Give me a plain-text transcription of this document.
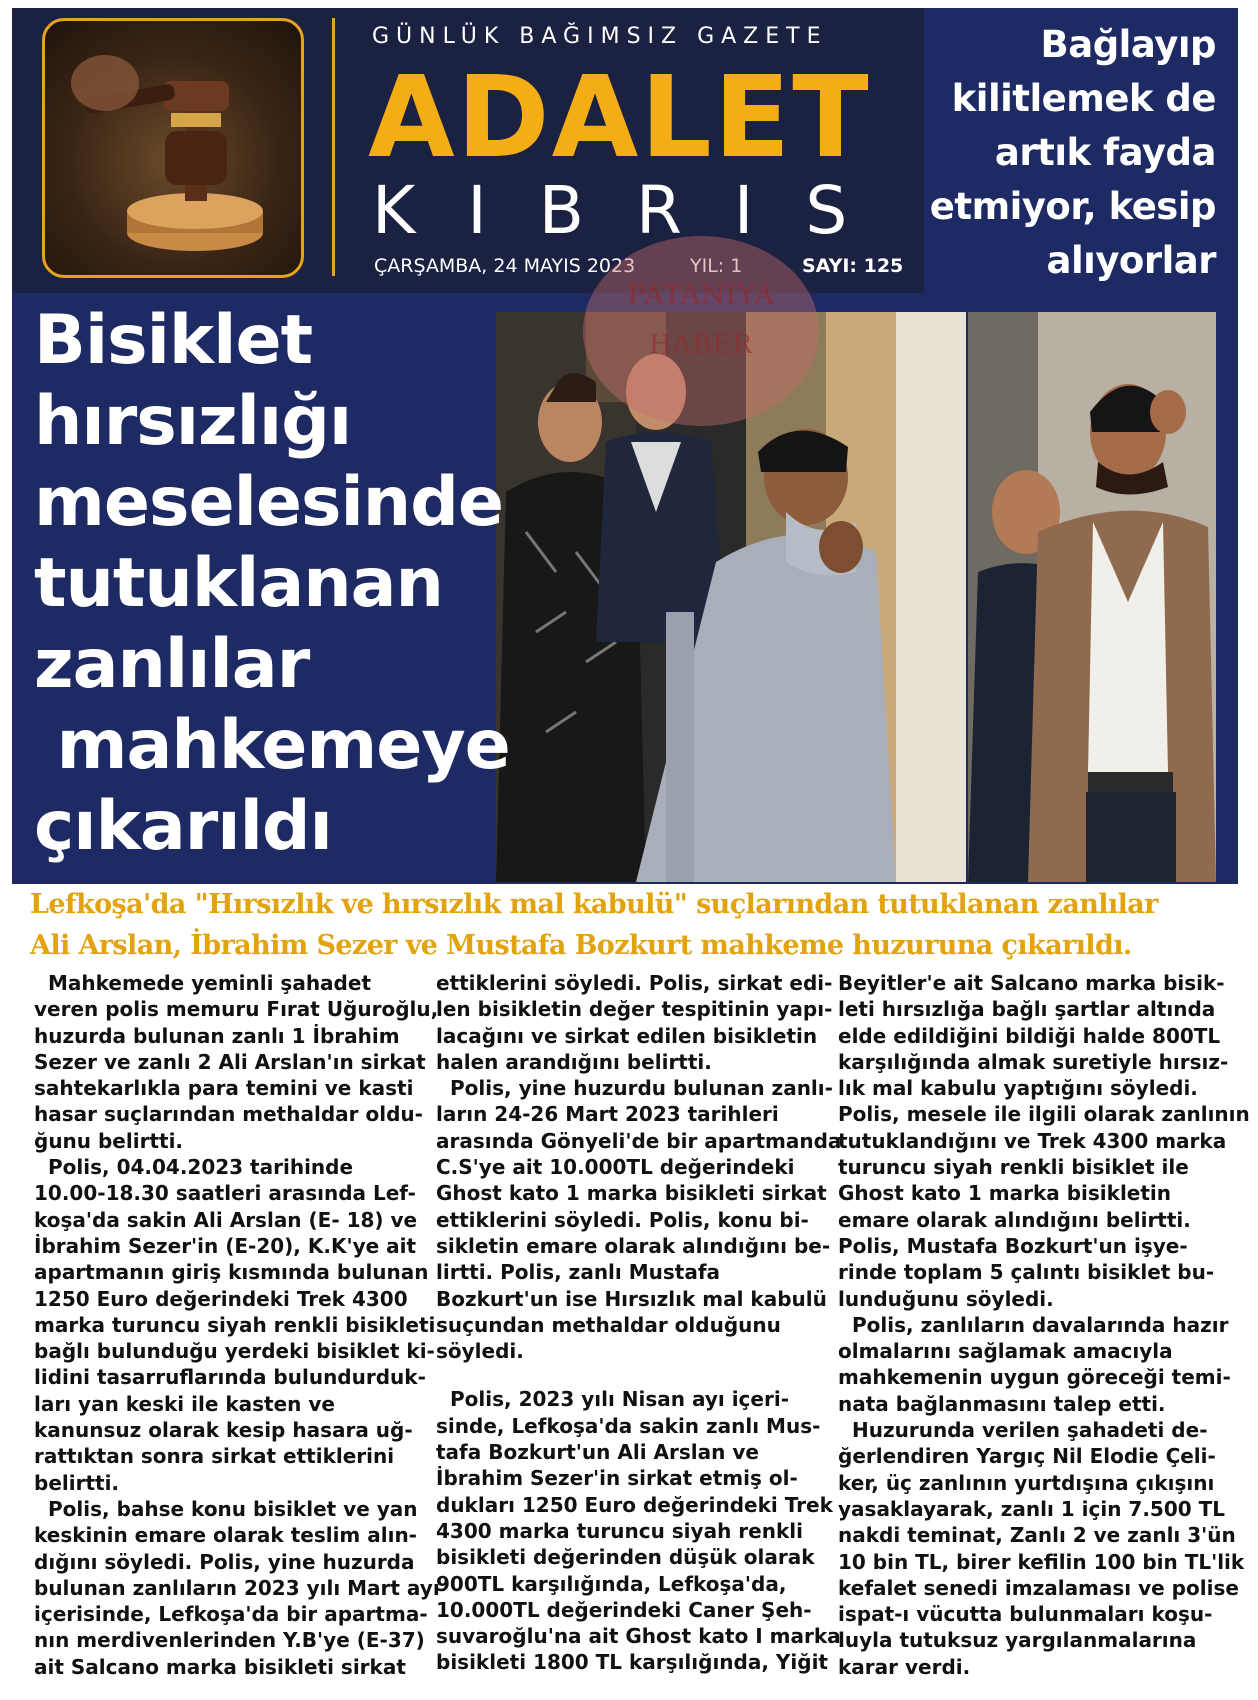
GÜNLÜK BAĞIMSIZ GAZETE
ADALET
KIBRIS
ÇARŞAMBA, 24 MAYIS 2023	YIL: 1	SAYI: 125
Bağlayıp
kilitlemek de
artık fayda
etmiyor, kesip
alıyorlar
PATANIYA
HABER
Bisiklet
hırsızlığı
meselesinde
tutuklanan
zanlılar
mahkemeye
çıkarıldı
Lefkoşa'da "Hırsızlık ve hırsızlık mal kabulü" suçlarından tutuklanan zanlılar
Ali Arslan, İbrahim Sezer ve Mustafa Bozkurt mahkeme huzuruna çıkarıldı.
Mahkemede yeminli şahadet
veren polis memuru Fırat Uğuroğlu,
huzurda bulunan zanlı 1 İbrahim
Sezer ve zanlı 2 Ali Arslan'ın sirkat
sahtekarlıkla para temini ve kasti
hasar suçlarından methaldar oldu-
ğunu belirtti.
Polis, 04.04.2023 tarihinde
10.00-18.30 saatleri arasında Lef-
koşa'da sakin Ali Arslan (E- 18) ve
İbrahim Sezer'in (E-20), K.K'ye ait
apartmanın giriş kısmında bulunan
1250 Euro değerindeki Trek 4300
marka turuncu siyah renkli bisikleti
bağlı bulunduğu yerdeki bisiklet ki-
lidini tasarruflarında bulundurduk-
ları yan keski ile kasten ve
kanunsuz olarak kesip hasara uğ-
rattıktan sonra sirkat ettiklerini
belirtti.
Polis, bahse konu bisiklet ve yan
keskinin emare olarak teslim alın-
dığını söyledi. Polis, yine huzurda
bulunan zanlıların 2023 yılı Mart ayı
içerisinde, Lefkoşa'da bir apartma-
nın merdivenlerinden Y.B'ye (E-37)
ait Salcano marka bisikleti sirkat
ettiklerini söyledi. Polis, sirkat edi-
len bisikletin değer tespitinin yapı-
lacağını ve sirkat edilen bisikletin
halen arandığını belirtti.
Polis, yine huzurdu bulunan zanlı-
ların 24-26 Mart 2023 tarihleri
arasında Gönyeli'de bir apartmanda
C.S'ye ait 10.000TL değerindeki
Ghost kato 1 marka bisikleti sirkat
ettiklerini söyledi. Polis, konu bi-
sikletin emare olarak alındığını be-
lirtti. Polis, zanlı Mustafa
Bozkurt'un ise Hırsızlık mal kabulü
suçundan methaldar olduğunu
söyledi.
Polis, 2023 yılı Nisan ayı içeri-
sinde, Lefkoşa'da sakin zanlı Mus-
tafa Bozkurt'un Ali Arslan ve
İbrahim Sezer'in sirkat etmiş ol-
dukları 1250 Euro değerindeki Trek
4300 marka turuncu siyah renkli
bisikleti değerinden düşük olarak
900TL karşılığında, Lefkoşa'da,
10.000TL değerindeki Caner Şeh-
suvaroğlu'na ait Ghost kato I marka
bisikleti 1800 TL karşılığında, Yiğit
Beyitler'e ait Salcano marka bisik-
leti hırsızlığa bağlı şartlar altında
elde edildiğini bildiği halde 800TL
karşılığında almak suretiyle hırsız-
lık mal kabulu yaptığını söyledi.
Polis, mesele ile ilgili olarak zanlının
tutuklandığını ve Trek 4300 marka
turuncu siyah renkli bisiklet ile
Ghost kato 1 marka bisikletin
emare olarak alındığını belirtti.
Polis, Mustafa Bozkurt'un işye-
rinde toplam 5 çalıntı bisiklet bu-
lunduğunu söyledi.
Polis, zanlıların davalarında hazır
olmalarını sağlamak amacıyla
mahkemenin uygun göreceği temi-
nata bağlanmasını talep etti.
Huzurunda verilen şahadeti de-
ğerlendiren Yargıç Nil Elodie Çeli-
ker, üç zanlının yurtdışına çıkışını
yasaklayarak, zanlı 1 için 7.500 TL
nakdi teminat, Zanlı 2 ve zanlı 3'ün
10 bin TL, birer kefilin 100 bin TL'lik
kefalet senedi imzalaması ve polise
ispat-ı vücutta bulunmaları koşu-
luyla tutuksuz yargılanmalarına
karar verdi.
